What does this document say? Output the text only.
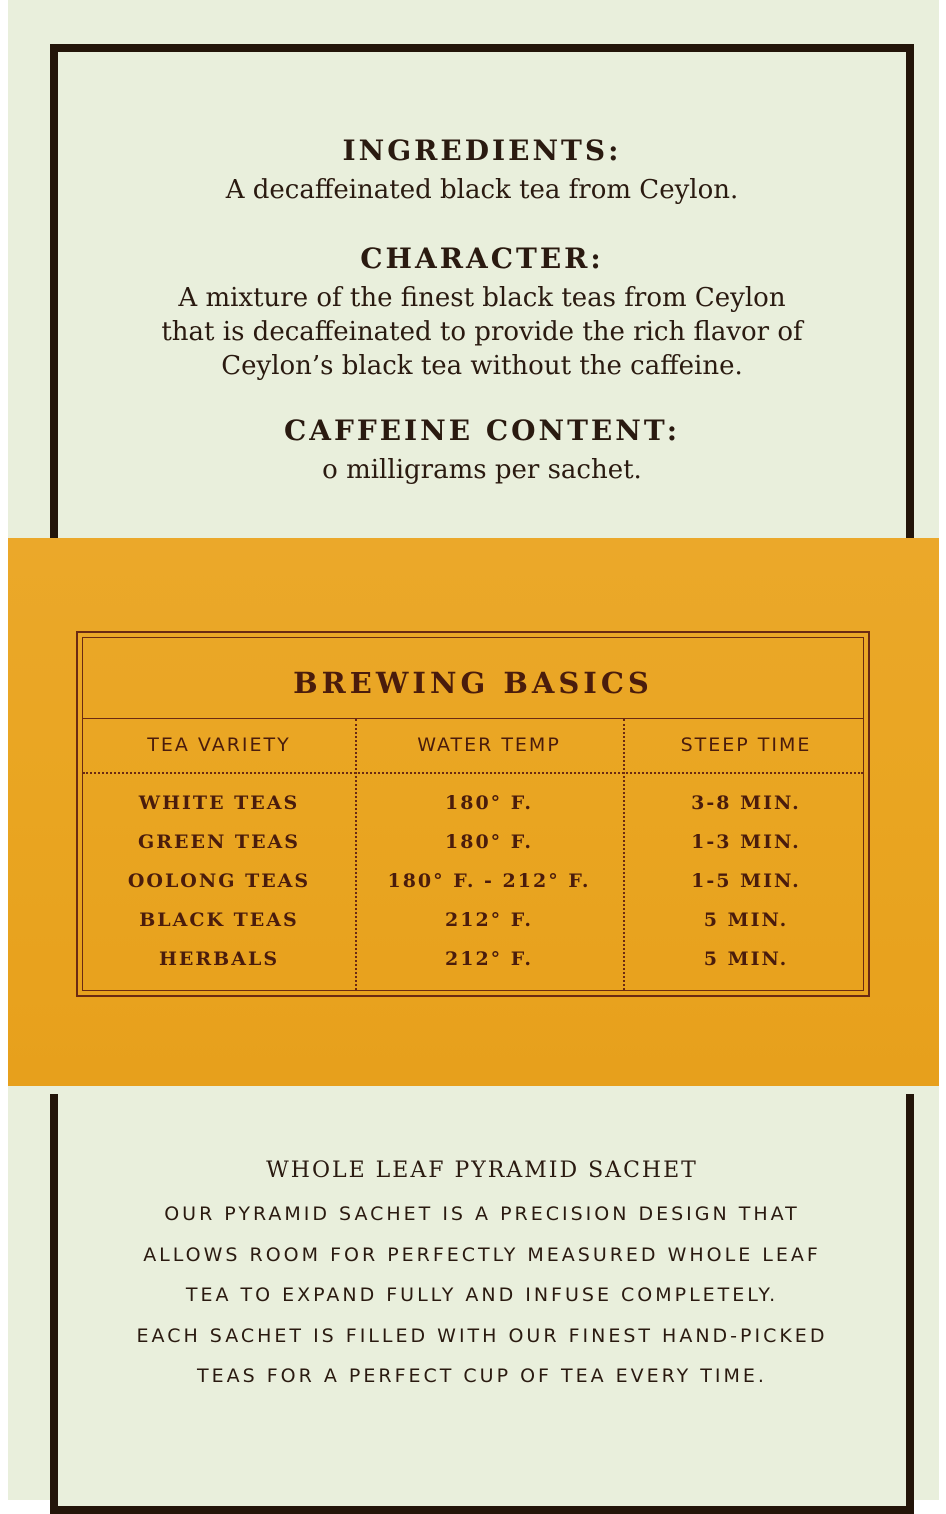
INGREDIENTS:

A decaffeinated black tea from Ceylon.

CHARACTER:

A mixture of the finest black teas from Ceylon

that is decaffeinated to provide the rich flavor of

Ceylon’s black tea without the caffeine.

CAFFEINE CONTENT:

o milligrams per sachet.

BREWING BASICS
TEA VARIETY
WHITE TEAS
GREEN TEAS
OOLONG TEAS
BLACK TEAS
HERBALS
WATER TEMP
180° F.
180° F.
180° F. - 212° F.
212° F.
212° F.
STEEP TIME
3-8 MIN.
1-3 MIN.
1-5 MIN.
5 MIN.
5 MIN.
WHOLE LEAF PYRAMID SACHET
OUR PYRAMID SACHET IS A PRECISION DESIGN THAT
ALLOWS ROOM FOR PERFECTLY MEASURED WHOLE LEAF
TEA TO EXPAND FULLY AND INFUSE COMPLETELY.
EACH SACHET IS FILLED WITH OUR FINEST HAND-PICKED
TEAS FOR A PERFECT CUP OF TEA EVERY TIME.
